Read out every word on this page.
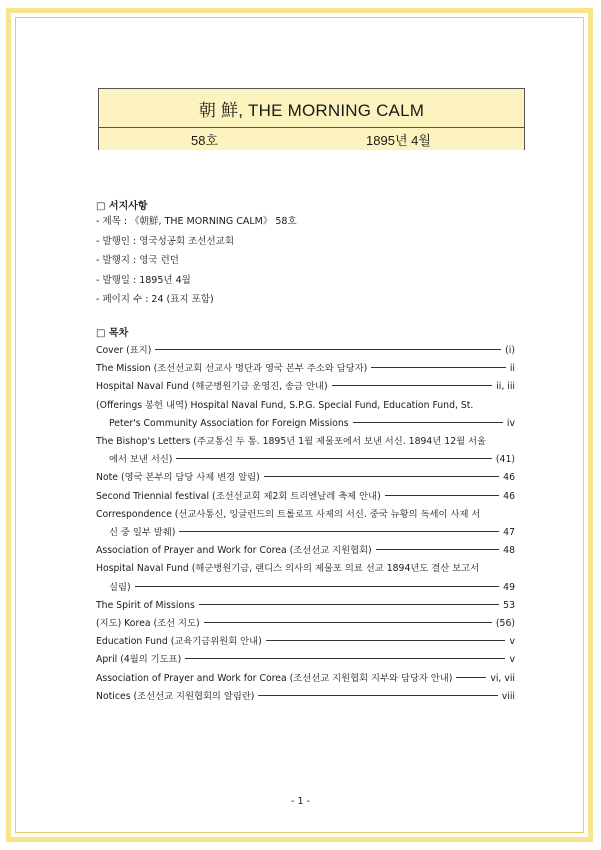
朝 鮮, THE MORNING CALM
58호	1895년 4월
□ 서지사항
- 제목 : 《朝鮮, THE MORNING CALM》 58호
- 발행인 : 영국성공회 조선선교회
- 발행지 : 영국 런던
- 발행일 : 1895년 4월
- 페이지 수 : 24 (표지 포함)
□ 목차
Cover (표지)	(i)
The Mission (조선선교회 선교사 명단과 영국 본부 주소와 담당자)	ii
Hospital Naval Fund (해군병원기금 운영진, 송금 안내)	ii, iii
(Offerings 봉헌 내역) Hospital Naval Fund, S.P.G. Special Fund, Education Fund, St.
Peter's Community Association for Foreign Missions	iv
The Bishop's Letters (주교통신 두 통. 1895년 1월 제물포에서 보낸 서신. 1894년 12월 서울
에서 보낸 서신)	(41)
Note (영국 본부의 담당 사제 변경 알림)	46
Second Triennial festival (조선선교회 제2회 트리엔날레 축제 안내)	46
Correspondence (선교사통신, 잉글런드의 트롤로프 사제의 서신. 중국 뉴황의 독세이 사제 서
신 중 일부 발췌)	47
Association of Prayer and Work for Corea (조선선교 지원협회)	48
Hospital Naval Fund (해군병원기금, 랜디스 의사의 제물포 의료 선교 1894년도 결산 보고서
실림)	49
The Spirit of Missions	53
(지도) Korea (조선 지도)	(56)
Education Fund (교육기금위원회 안내)	v
April (4월의 기도표)	v
Association of Prayer and Work for Corea (조선선교 지원협회 지부와 담당자 안내)	vi, vii
Notices (조선선교 지원협회의 알림란)	viii
- 1 -
